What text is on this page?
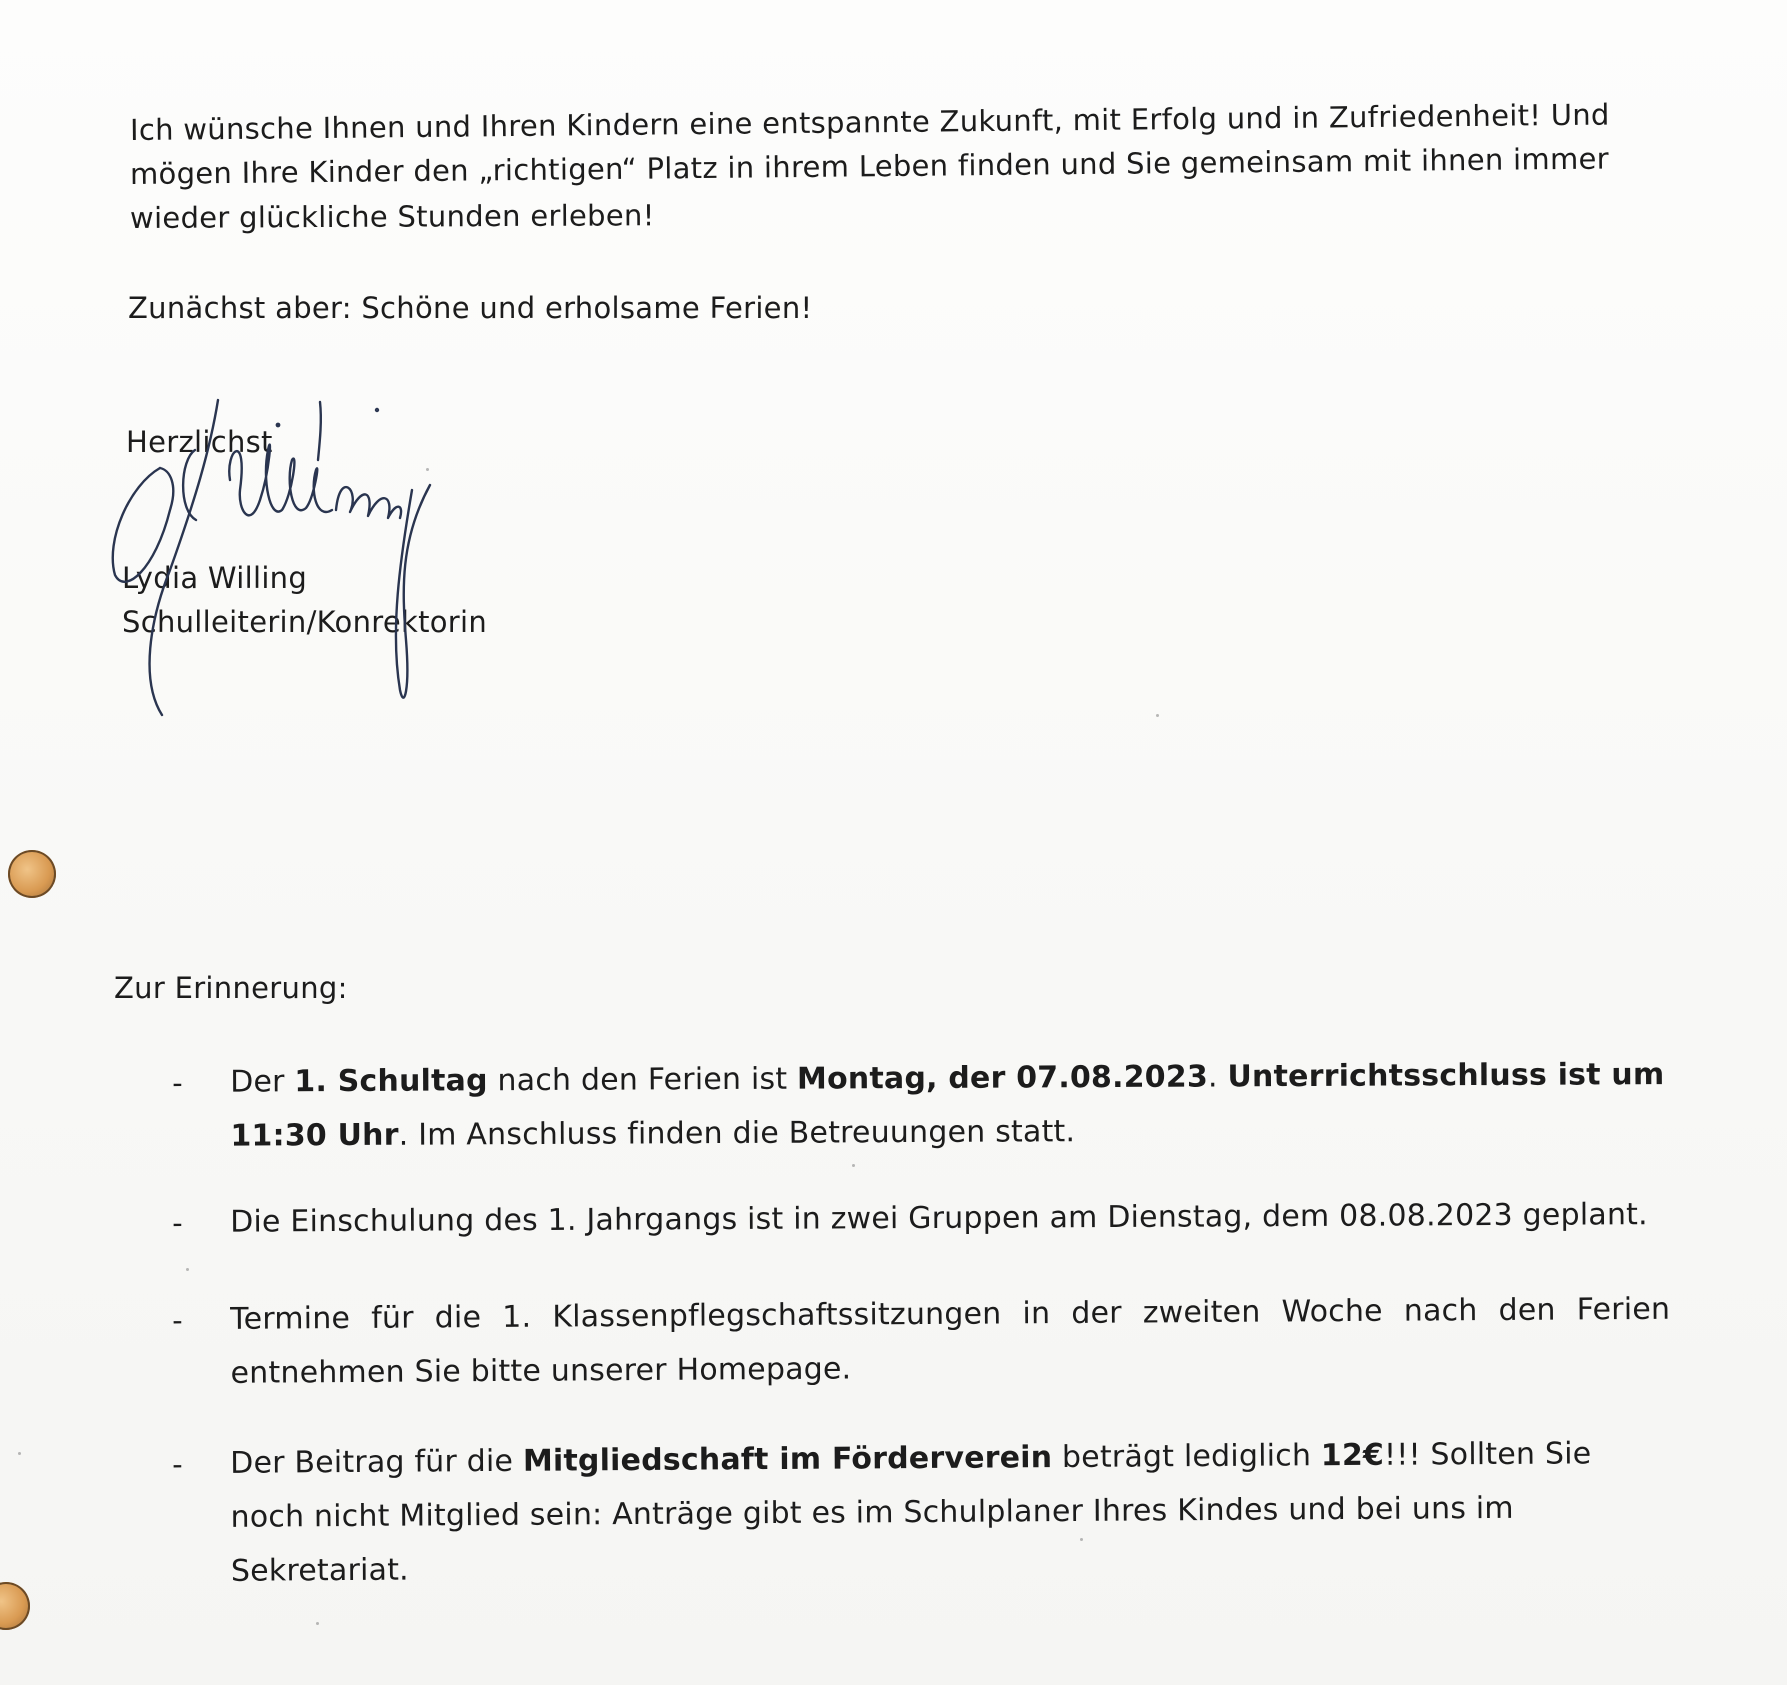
Ich wünsche Ihnen und Ihren Kindern eine entspannte Zukunft, mit Erfolg und in Zufriedenheit! Und
mögen Ihre Kinder den „richtigen“ Platz in ihrem Leben finden und Sie gemeinsam mit ihnen immer
wieder glückliche Stunden erleben!

Zunächst aber: Schöne und erholsame Ferien!

Herzlichst

Lydia Willing

Schulleiterin/Konrektorin

Zur Erinnerung:

- Der 1. Schultag nach den Ferien ist Montag, der 07.08.2023. Unterrichtsschluss ist um 11:30 Uhr. Im Anschluss finden die Betreuungen statt.
- Die Einschulung des 1. Jahrgangs ist in zwei Gruppen am Dienstag, dem 08.08.2023 geplant.
- Termine für die 1. Klassenpflegschaftssitzungen in der zweiten Woche nach den Ferien entnehmen Sie bitte unserer Homepage.
- Der Beitrag für die Mitgliedschaft im Förderverein beträgt lediglich 12€!!! Sollten Sie noch nicht Mitglied sein: Anträge gibt es im Schulplaner Ihres Kindes und bei uns im Sekretariat.
